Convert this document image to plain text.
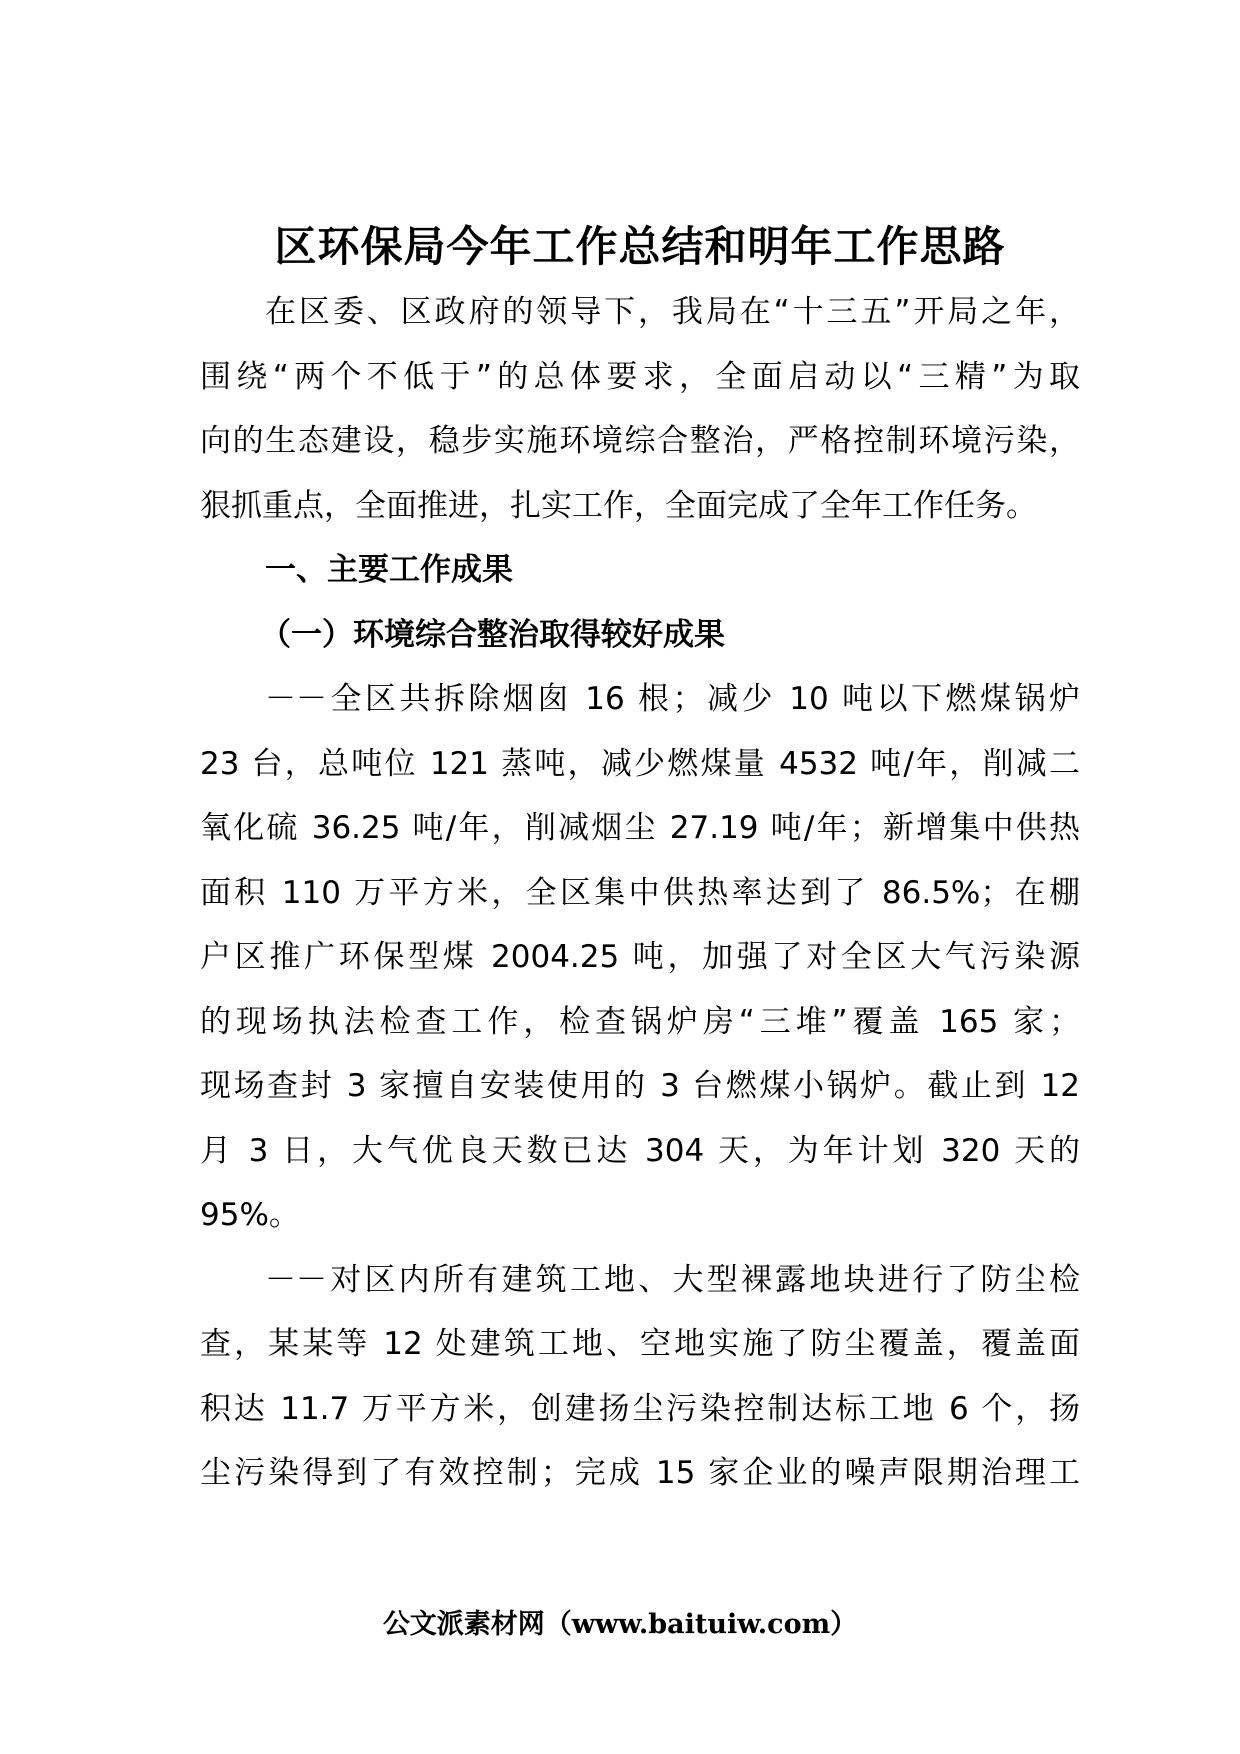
区环保局今年工作总结和明年工作思路
在区委、区政府的领导下，我局在“十三五”开局之年，
围绕“两个不低于”的总体要求，全面启动以“三精”为取
向的生态建设，稳步实施环境综合整治，严格控制环境污染，
狠抓重点，全面推进，扎实工作，全面完成了全年工作任务。
一、主要工作成果
（一）环境综合整治取得较好成果
－－全区共拆除烟囱 16 根；减少 10 吨以下燃煤锅炉
23 台，总吨位 121 蒸吨，减少燃煤量 4532 吨/年，削减二
氧化硫 36.25 吨/年，削减烟尘 27.19 吨/年；新增集中供热
面积 110 万平方米，全区集中供热率达到了 86.5%；在棚
户区推广环保型煤 2004.25 吨，加强了对全区大气污染源
的现场执法检查工作，检查锅炉房“三堆”覆盖 165 家；
现场查封 3 家擅自安装使用的 3 台燃煤小锅炉。截止到 12
月 3 日，大气优良天数已达 304 天，为年计划 320 天的
95%。
－－对区内所有建筑工地、大型裸露地块进行了防尘检
查，某某等 12 处建筑工地、空地实施了防尘覆盖，覆盖面
积达 11.7 万平方米，创建扬尘污染控制达标工地 6 个，扬
尘污染得到了有效控制；完成 15 家企业的噪声限期治理工
公文派素材网（www.baituiw.com）
